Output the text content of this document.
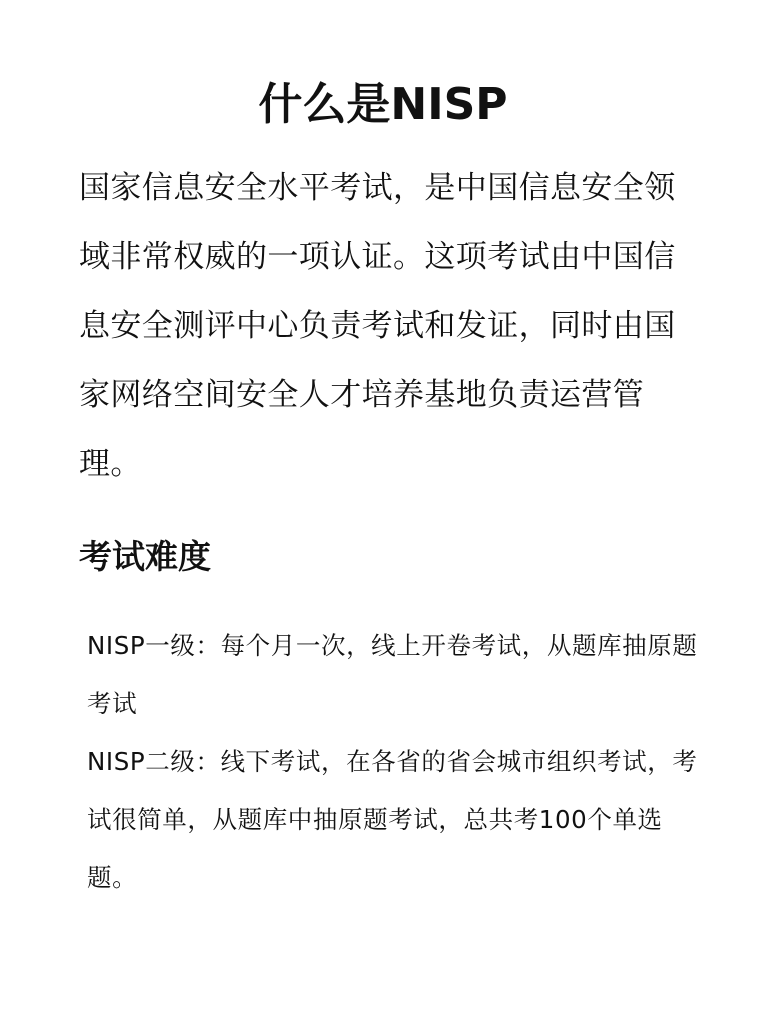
什么是NISP

国家信息安全水平考试，是中国信息安全领域非常权威的一项认证。这项考试由中国信息安全测评中心负责考试和发证，同时由国家网络空间安全人才培养基地负责运营管理。

考试难度
NISP一级：每个月一次，线上开卷考试，从题库抽原题考试
NISP二级：线下考试，在各省的省会城市组织考试，考试很简单，从题库中抽原题考试，总共考100个单选题。
